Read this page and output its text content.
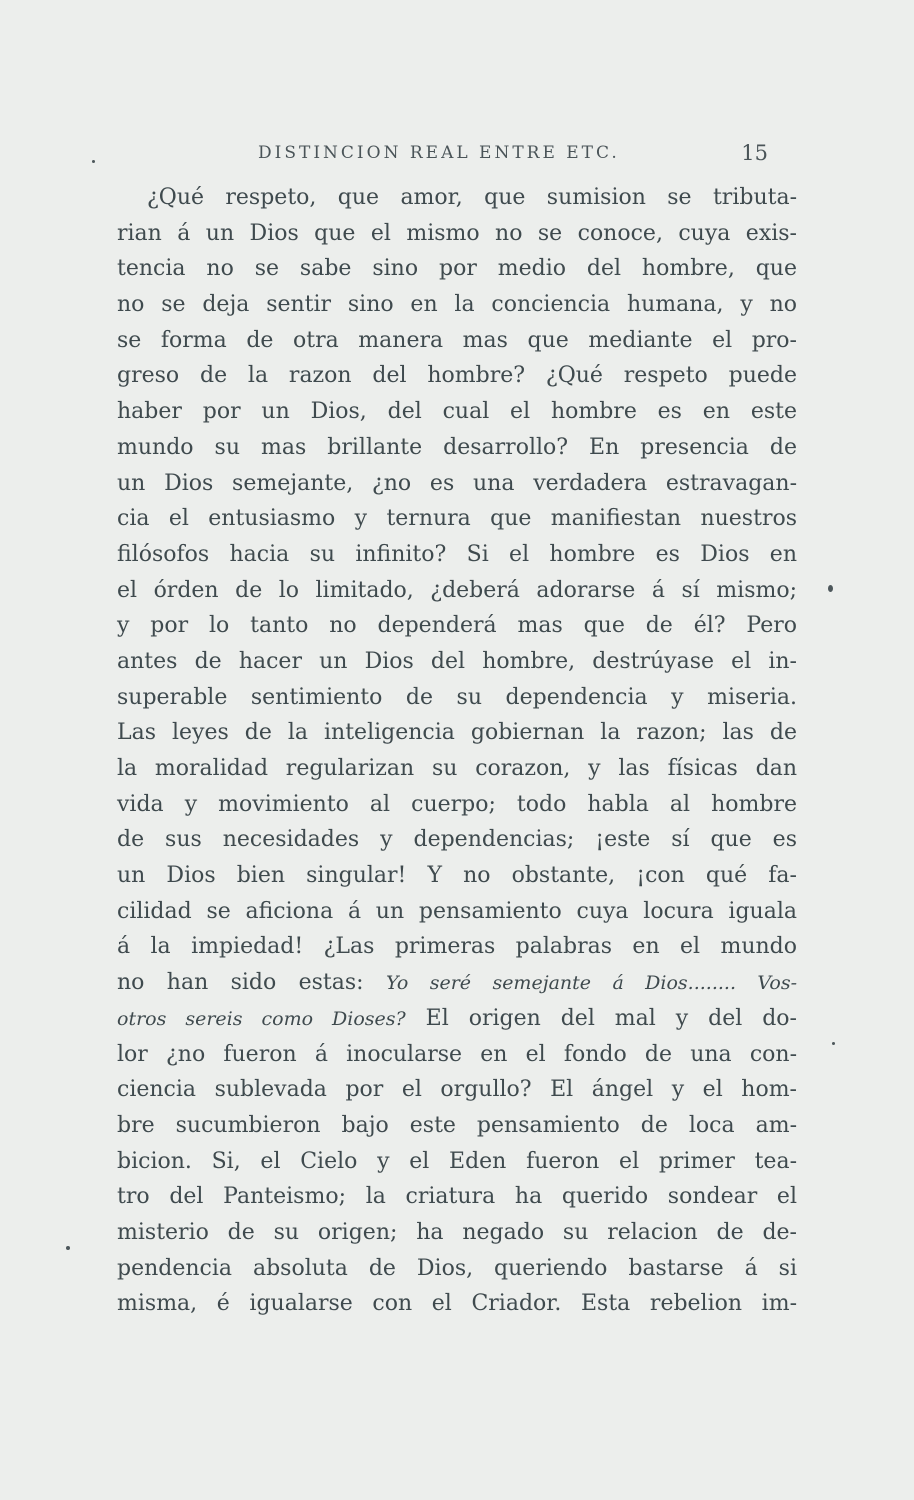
DISTINCION REAL ENTRE ETC.	15
¿Qué respeto, que amor, que sumision se tributa-
rian á un Dios que el mismo no se conoce, cuya exis-
tencia no se sabe sino por medio del hombre, que
no se deja sentir sino en la conciencia humana, y no
se forma de otra manera mas que mediante el pro-
greso de la razon del hombre? ¿Qué respeto puede
haber por un Dios, del cual el hombre es en este
mundo su mas brillante desarrollo? En presencia de
un Dios semejante, ¿no es una verdadera estravagan-
cia el entusiasmo y ternura que manifiestan nuestros
filósofos hacia su infinito? Si el hombre es Dios en
el órden de lo limitado, ¿deberá adorarse á sí mismo;
y por lo tanto no dependerá mas que de él? Pero
antes de hacer un Dios del hombre, destrúyase el in-
superable sentimiento de su dependencia y miseria.
Las leyes de la inteligencia gobiernan la razon; las de
la moralidad regularizan su corazon, y las físicas dan
vida y movimiento al cuerpo; todo habla al hombre
de sus necesidades y dependencias; ¡este sí que es
un Dios bien singular! Y no obstante, ¡con qué fa-
cilidad se aficiona á un pensamiento cuya locura iguala
á la impiedad! ¿Las primeras palabras en el mundo
no han sido estas: Yo seré semejante á Dios........ Vos-
otros sereis como Dioses? El origen del mal y del do-
lor ¿no fueron á inocularse en el fondo de una con-
ciencia sublevada por el orgullo? El ángel y el hom-
bre sucumbieron bajo este pensamiento de loca am-
bicion. Si, el Cielo y el Eden fueron el primer tea-
tro del Panteismo; la criatura ha querido sondear el
misterio de su origen; ha negado su relacion de de-
pendencia absoluta de Dios, queriendo bastarse á si
misma, é igualarse con el Criador. Esta rebelion im-
